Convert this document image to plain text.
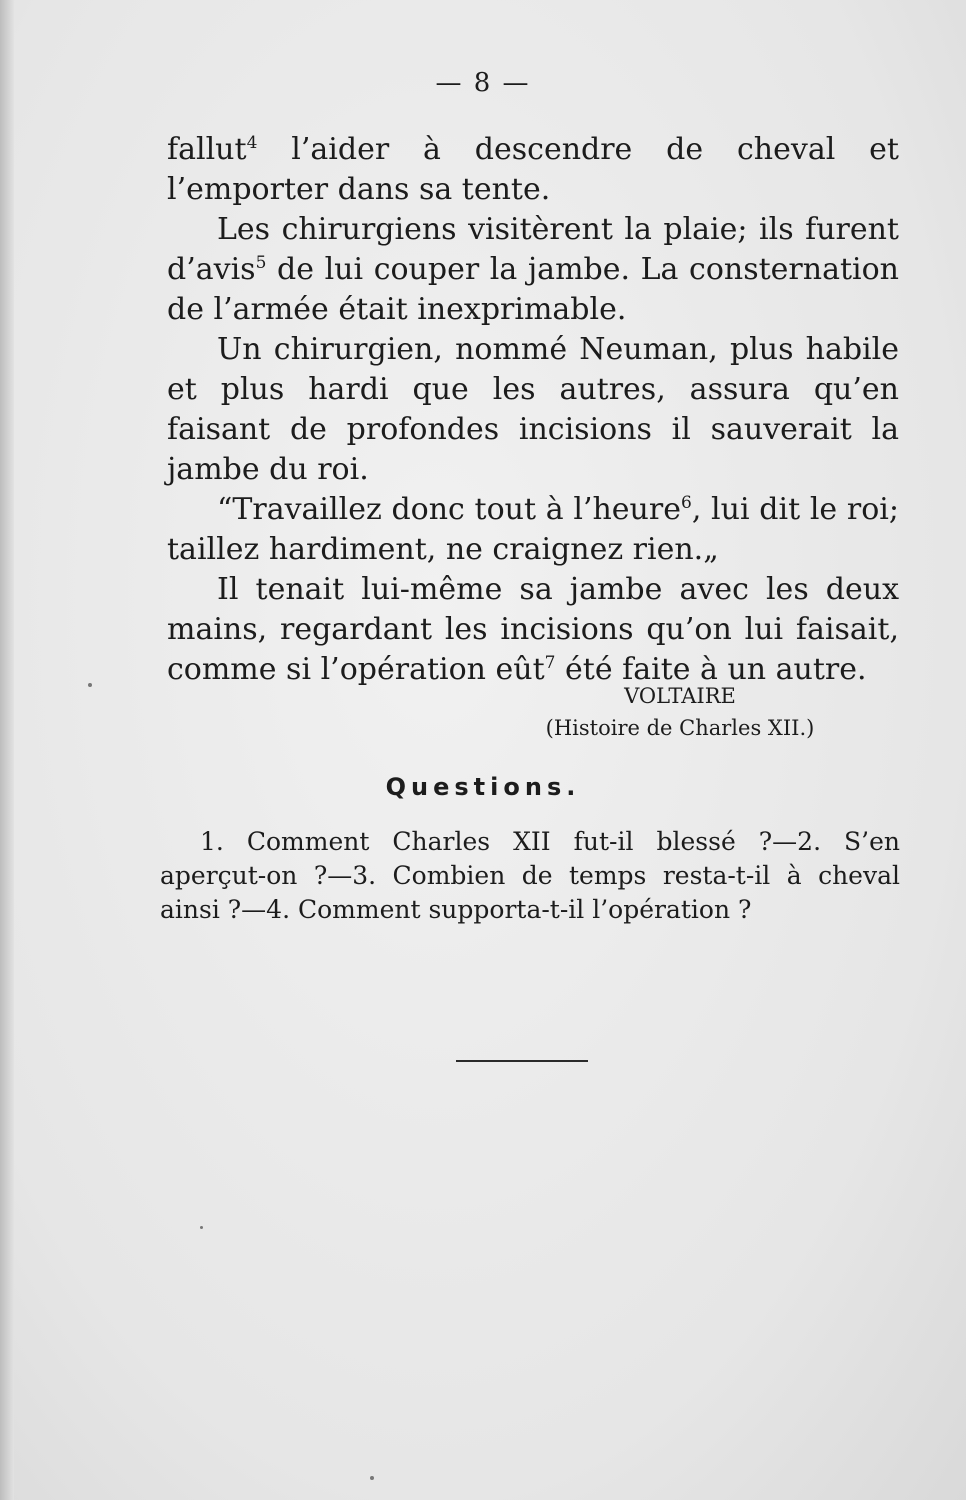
— 8 —

fallut$^4$ l’aider à descendre de cheval et l’emporter dans sa tente.

Les chirurgiens visitèrent la plaie; ils furent d’avis$^5$ de lui couper la jambe. La consternation de l’armée était inexprimable.

Un chirurgien, nommé Neuman, plus habile et plus hardi que les autres, assura qu’en faisant de profondes incisions il sauverait la jambe du roi.

“Travaillez donc tout à l’heure$^6$, lui dit le roi; taillez hardiment, ne craignez rien.„

Il tenait lui-même sa jambe avec les deux mains, regardant les incisions qu’on lui faisait, comme si l’opération eût$^7$ été faite à un autre.

VOLTAIRE
(Histoire de Charles XII.)
Questions.

1. Comment Charles XII fut-il blessé ?—2. S’en aperçut-on ?—3. Combien de temps resta-t-il à cheval ainsi ?—4. Comment supporta-t-il l’opération ?
